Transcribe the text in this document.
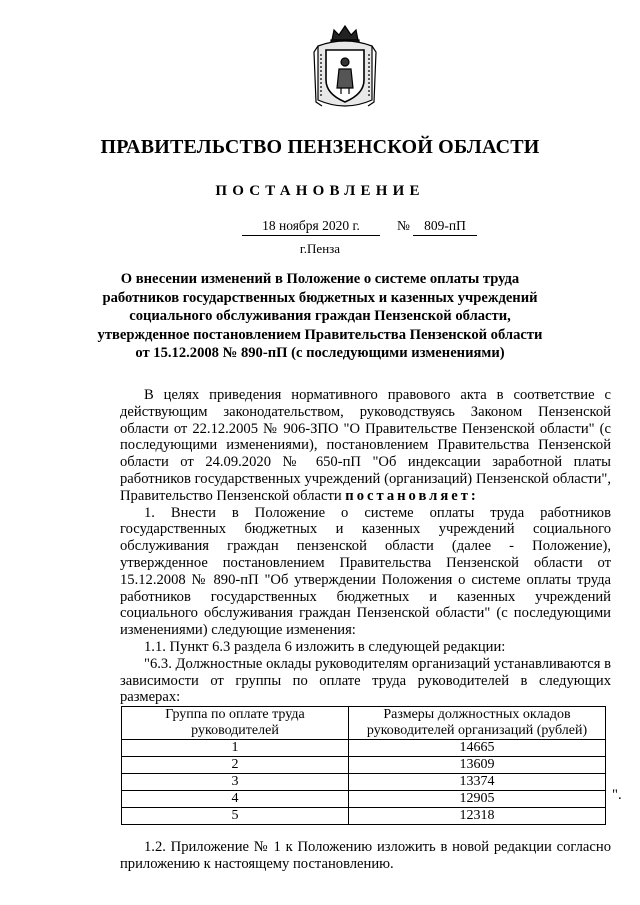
ПРАВИТЕЛЬСТВО ПЕНЗЕНСКОЙ ОБЛАСТИ
ПОСТАНОВЛЕНИЕ
18 ноября 2020 г.	№	809-пП
г.Пенза
О внесении изменений в Положение о системе оплаты труда
работников государственных бюджетных и казенных учреждений
социального обслуживания граждан Пензенской области,
утвержденное постановлением Правительства Пензенской области
от 15.12.2008 № 890-пП (с последующими изменениями)

В целях приведения нормативного правового акта в соответствие с действующим законодательством, руководствуясь Законом Пензенской области от 22.12.2005 № 906-ЗПО "О Правительстве Пензенской области" (с последующими изменениями), постановлением Правительства Пензенской области от 24.09.2020 № 650-пП "Об индексации заработной платы работников государственных учреждений (организаций) Пензенской области", Правительство Пензенской области постановляет:

1. Внести в Положение о системе оплаты труда работников государственных бюджетных и казенных учреждений социального обслуживания граждан пензенской области (далее - Положение), утвержденное постановлением Правительства Пензенской области от 15.12.2008 № 890-пП "Об утверждении Положения о системе оплаты труда работников государственных бюджетных и казенных учреждений социального обслуживания граждан Пензенской области" (с последующими изменениями) следующие изменения:

1.1. Пункт 6.3 раздела 6 изложить в следующей редакции:

"6.3. Должностные оклады руководителям организаций устанавливаются в зависимости от группы по оплате труда руководителей в следующих размерах:

Группа по оплате труда руководителей	Размеры должностных окладов руководителей организаций (рублей)
1	14665
2	13609
3	13374
4	12905
5	12318

1.2. Приложение № 1 к Положению изложить в новой редакции согласно приложению к настоящему постановлению.

".
